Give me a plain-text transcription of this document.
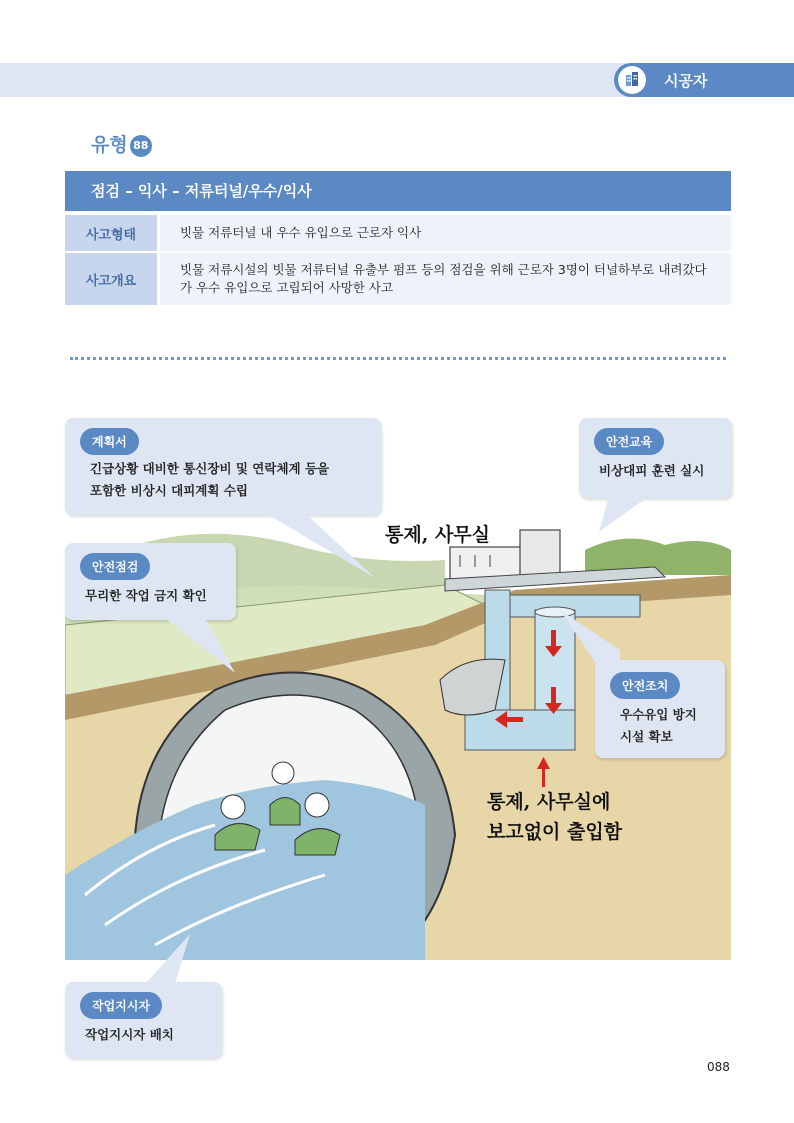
시공자
유형 88
점검 – 익사 – 저류터널/우수/익사
사고형태	빗물 저류터널 내 우수 유입으로 근로자 익사
사고개요
빗물 저류시설의 빗물 저류터널 유출부 펌프 등의 점검을 위해 근로자 3명이 터널하부로 내려갔다가 우수 유입으로 고립되어 사망한 사고
통제, 사무실
통제, 사무실에
보고없이 출입함
계획서
긴급상황 대비한 통신장비 및 연락체계 등을
포함한 비상시 대피계획 수립
안전교육
비상대피 훈련 실시
안전점검
무리한 작업 금지 확인
안전조치
우수유입 방지
시설 확보
작업지시자
작업지시자 배치
088
